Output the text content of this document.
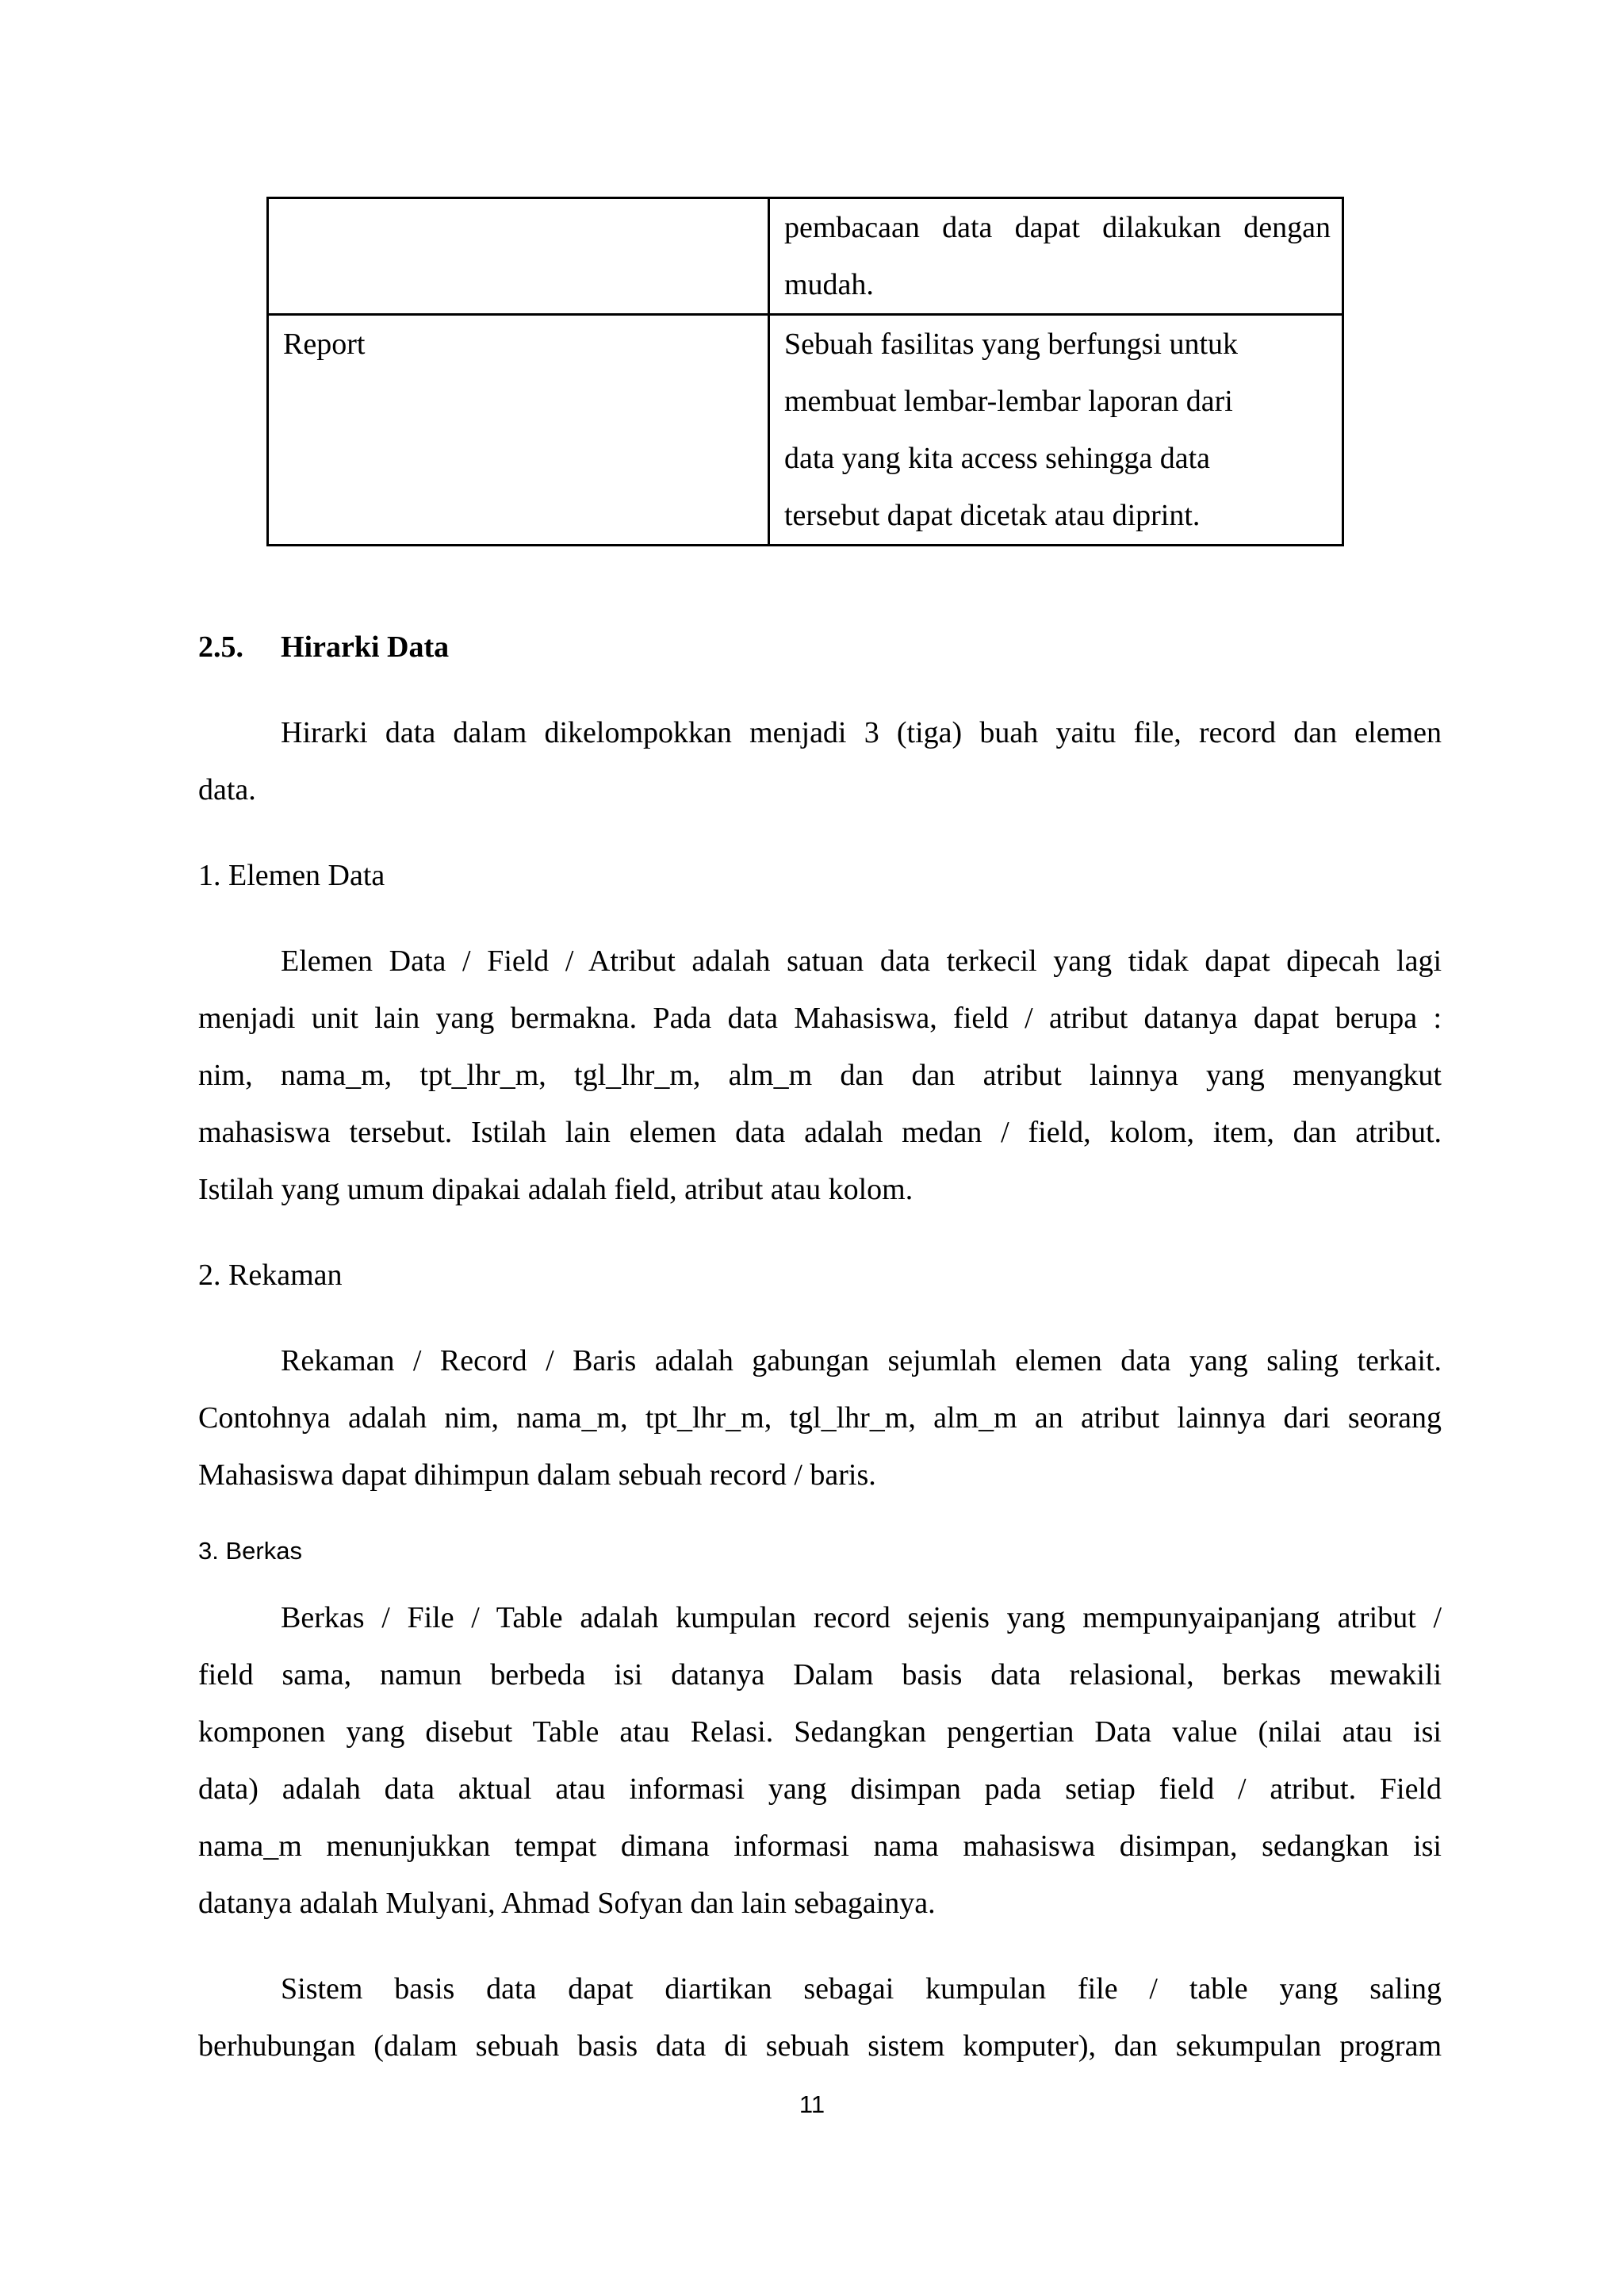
	pembacaan data dapat dilakukan dengan
mudah.

Report	Sebuah fasilitas yang berfungsi untuk
membuat lembar-lembar laporan dari
data yang kita access sehingga data
tersebut dapat dicetak atau diprint.
2.5. Hirarki Data
Hirarki data dalam dikelompokkan menjadi 3 (tiga) buah yaitu file, record dan elemen
data.
1. Elemen Data
Elemen Data / Field / Atribut adalah satuan data terkecil yang tidak dapat dipecah lagi
menjadi unit lain yang bermakna. Pada data Mahasiswa, field / atribut datanya dapat berupa :
nim, nama_m, tpt_lhr_m, tgl_lhr_m, alm_m dan dan atribut lainnya yang menyangkut
mahasiswa tersebut. Istilah lain elemen data adalah medan / field, kolom, item, dan atribut.
Istilah yang umum dipakai adalah field, atribut atau kolom.
2. Rekaman
Rekaman / Record / Baris adalah gabungan sejumlah elemen data yang saling terkait.
Contohnya adalah nim, nama_m, tpt_lhr_m, tgl_lhr_m, alm_m an atribut lainnya dari seorang
Mahasiswa dapat dihimpun dalam sebuah record / baris.
3. Berkas
Berkas / File / Table adalah kumpulan record sejenis yang mempunyaipanjang atribut /
field sama, namun berbeda isi datanya Dalam basis data relasional, berkas mewakili
komponen yang disebut Table atau Relasi. Sedangkan pengertian Data value (nilai atau isi
data) adalah data aktual atau informasi yang disimpan pada setiap field / atribut. Field
nama_m menunjukkan tempat dimana informasi nama mahasiswa disimpan, sedangkan isi
datanya adalah Mulyani, Ahmad Sofyan dan lain sebagainya.
Sistem basis data dapat diartikan sebagai kumpulan file / table yang saling
berhubungan (dalam sebuah basis data di sebuah sistem komputer), dan sekumpulan program
11
